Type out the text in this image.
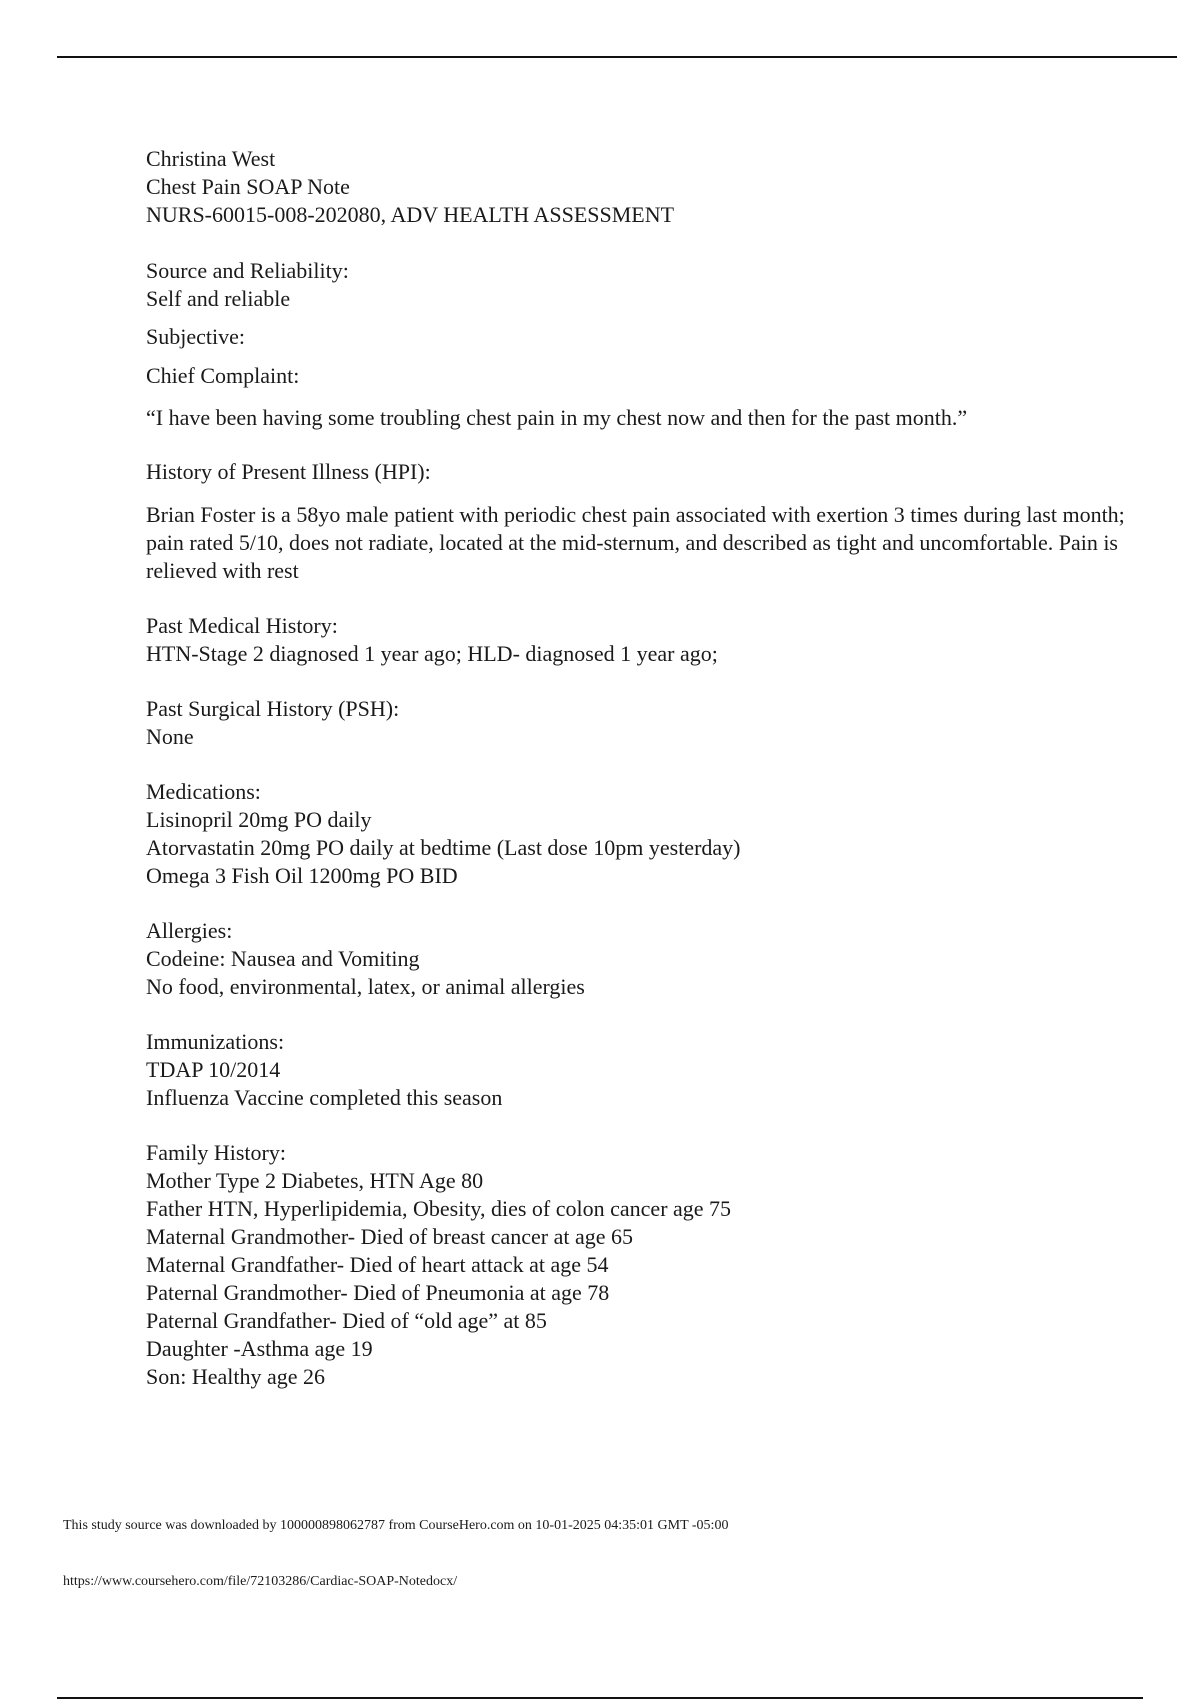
Christina West
Chest Pain SOAP Note
NURS-60015-008-202080, ADV HEALTH ASSESSMENT
Source and Reliability:
Self and reliable
Subjective:
Chief Complaint:
“I have been having some troubling chest pain in my chest now and then for the past month.”
History of Present Illness (HPI):
Brian Foster is a 58yo male patient with periodic chest pain associated with exertion 3 times during last month; pain rated 5/10, does not radiate, located at the mid-sternum, and described as tight and uncomfortable. Pain is relieved with rest
Past Medical History:
HTN-Stage 2 diagnosed 1 year ago; HLD- diagnosed 1 year ago;
Past Surgical History (PSH):
None
Medications:
Lisinopril 20mg PO daily
Atorvastatin 20mg PO daily at bedtime (Last dose 10pm yesterday)
Omega 3 Fish Oil 1200mg PO BID
Allergies:
Codeine: Nausea and Vomiting
No food, environmental, latex, or animal allergies
Immunizations:
TDAP 10/2014
Influenza Vaccine completed this season
Family History:
Mother Type 2 Diabetes, HTN Age 80
Father HTN, Hyperlipidemia, Obesity, dies of colon cancer age 75
Maternal Grandmother- Died of breast cancer at age 65
Maternal Grandfather- Died of heart attack at age 54
Paternal Grandmother- Died of Pneumonia at age 78
Paternal Grandfather- Died of “old age” at 85
Daughter -Asthma age 19
Son: Healthy age 26
This study source was downloaded by 100000898062787 from CourseHero.com on 10-01-2025 04:35:01 GMT -05:00
https://www.coursehero.com/file/72103286/Cardiac-SOAP-Notedocx/
